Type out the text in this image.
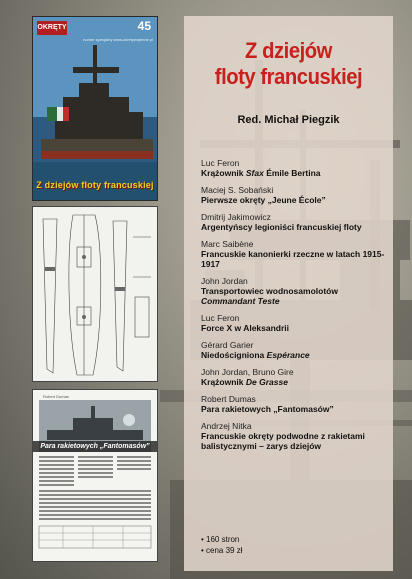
OKRĘTY	45
numer specjalny www.okretywojenne.pl
Z dziejów floty francuskiej
Robert Dumas
Para rakietowych „Fantomasów”
Z dziejów
floty francuskiej
Red. Michał Piegzik
Luc Feron
Krążownik Sfax Émile Bertina
Maciej S. Sobański
Pierwsze okręty „Jeune École”
Dmitrij Jakimowicz
Argentyńscy legioniści francuskiej floty
Marc Saibène
Francuskie kanonierki rzeczne w latach 1915-1917
John Jordan
Transportowiec wodnosamolotów Commandant Teste
Luc Feron
Force X w Aleksandrii
Gérard Garier
Niedościgniona Espérance
John Jordan, Bruno Gire
Krążownik De Grasse
Robert Dumas
Para rakietowych „Fantomasów”
Andrzej Nitka
Francuskie okręty podwodne z rakietami balistycznymi – zarys dziejów
• 160 stron
• cena 39 zł
